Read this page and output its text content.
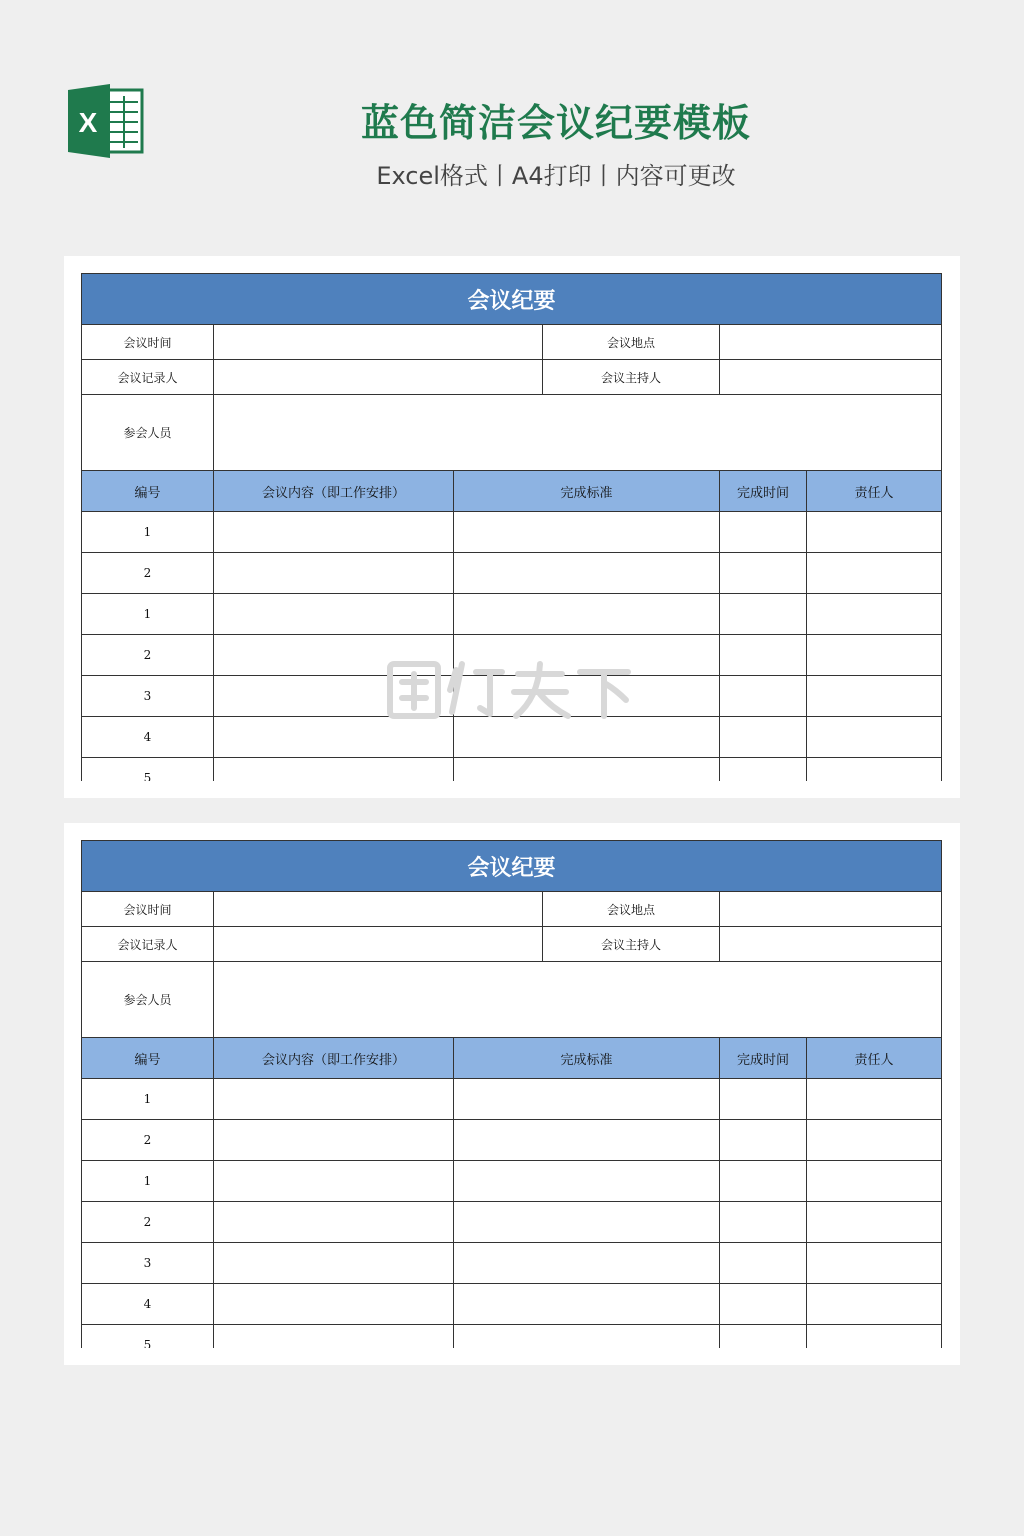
X	蓝色简洁会议纪要模板
Excel格式丨A4打印丨内容可更改
会议纪要					
会议时间			会议地点		
会议记录人			会议主持人		
参会人员					
编号	会议内容（即工作安排）	完成标准		完成时间	责任人
1					
2					
1					
2					
3					
4					
5					
会议纪要					
会议时间			会议地点		
会议记录人			会议主持人		
参会人员					
编号	会议内容（即工作安排）	完成标准		完成时间	责任人
1					
2					
1					
2					
3					
4					
5					
